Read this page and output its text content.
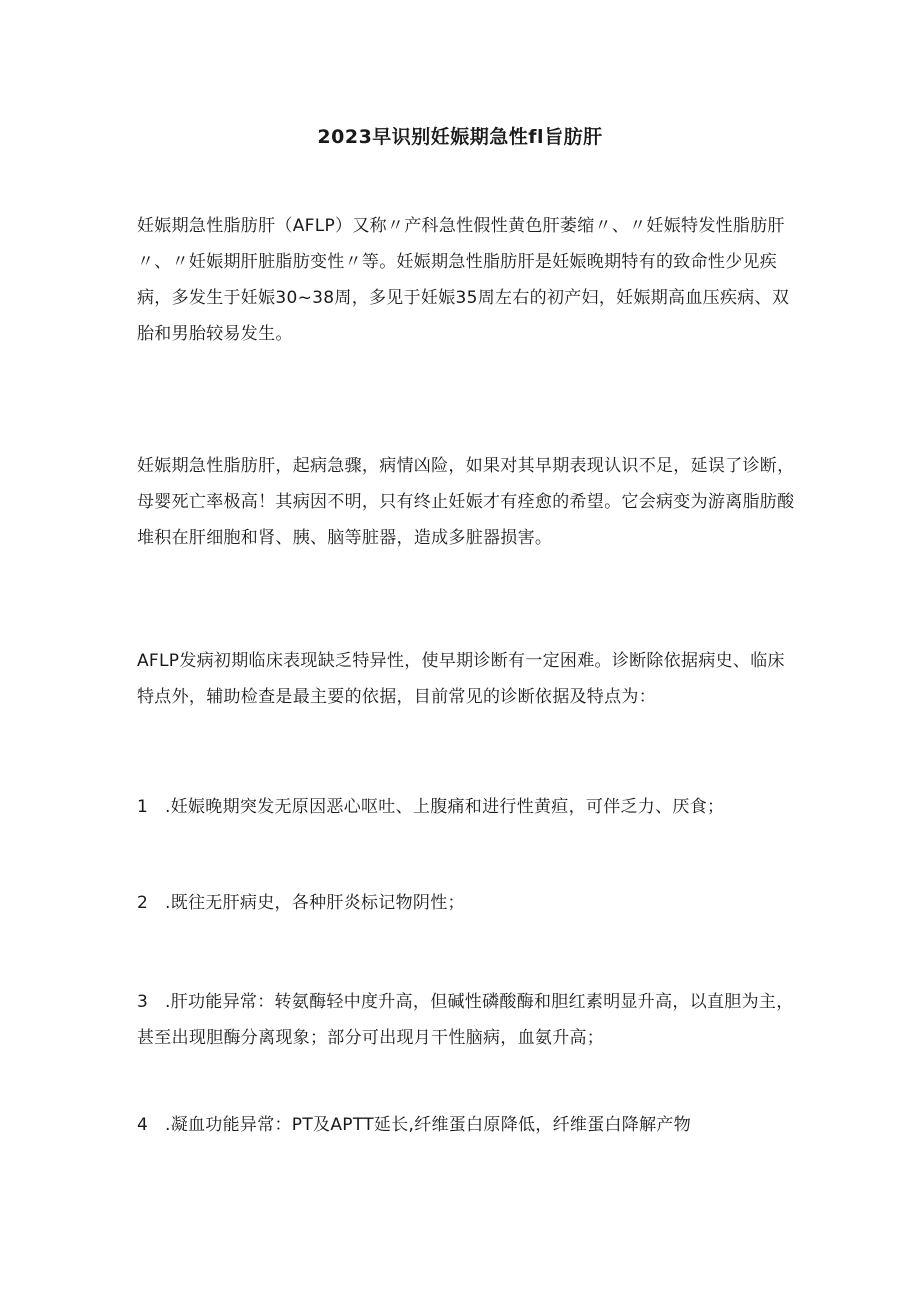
2023早识别妊娠期急性fl旨肪肝

妊娠期急性脂肪肝（AFLP）又称〃产科急性假性黄色肝萎缩〃、〃妊娠特发性脂肪肝〃、〃妊娠期肝脏脂肪变性〃等。妊娠期急性脂肪肝是妊娠晚期特有的致命性少见疾病，多发生于妊娠30~38周，多见于妊娠35周左右的初产妇，妊娠期高血压疾病、双胎和男胎较易发生。

妊娠期急性脂肪肝，起病急骤，病情凶险，如果对其早期表现认识不足，延误了诊断，母婴死亡率极高！其病因不明，只有终止妊娠才有痊愈的希望。它会病变为游离脂肪酸堆积在肝细胞和肾、胰、脑等脏器，造成多脏器损害。

AFLP发病初期临床表现缺乏特异性，使早期诊断有一定困难。诊断除依据病史、临床特点外，辅助检查是最主要的依据，目前常见的诊断依据及特点为：

1 .妊娠晚期突发无原因恶心呕吐、上腹痛和进行性黄疸，可伴乏力、厌食；

2 .既往无肝病史，各种肝炎标记物阴性；

3 .肝功能异常：转氨酶轻中度升高，但碱性磷酸酶和胆红素明显升高，以直胆为主，甚至出现胆酶分离现象；部分可出现月干性脑病，血氨升高；

4 .凝血功能异常：PT及APTT延长,纤维蛋白原降低，纤维蛋白降解产物
